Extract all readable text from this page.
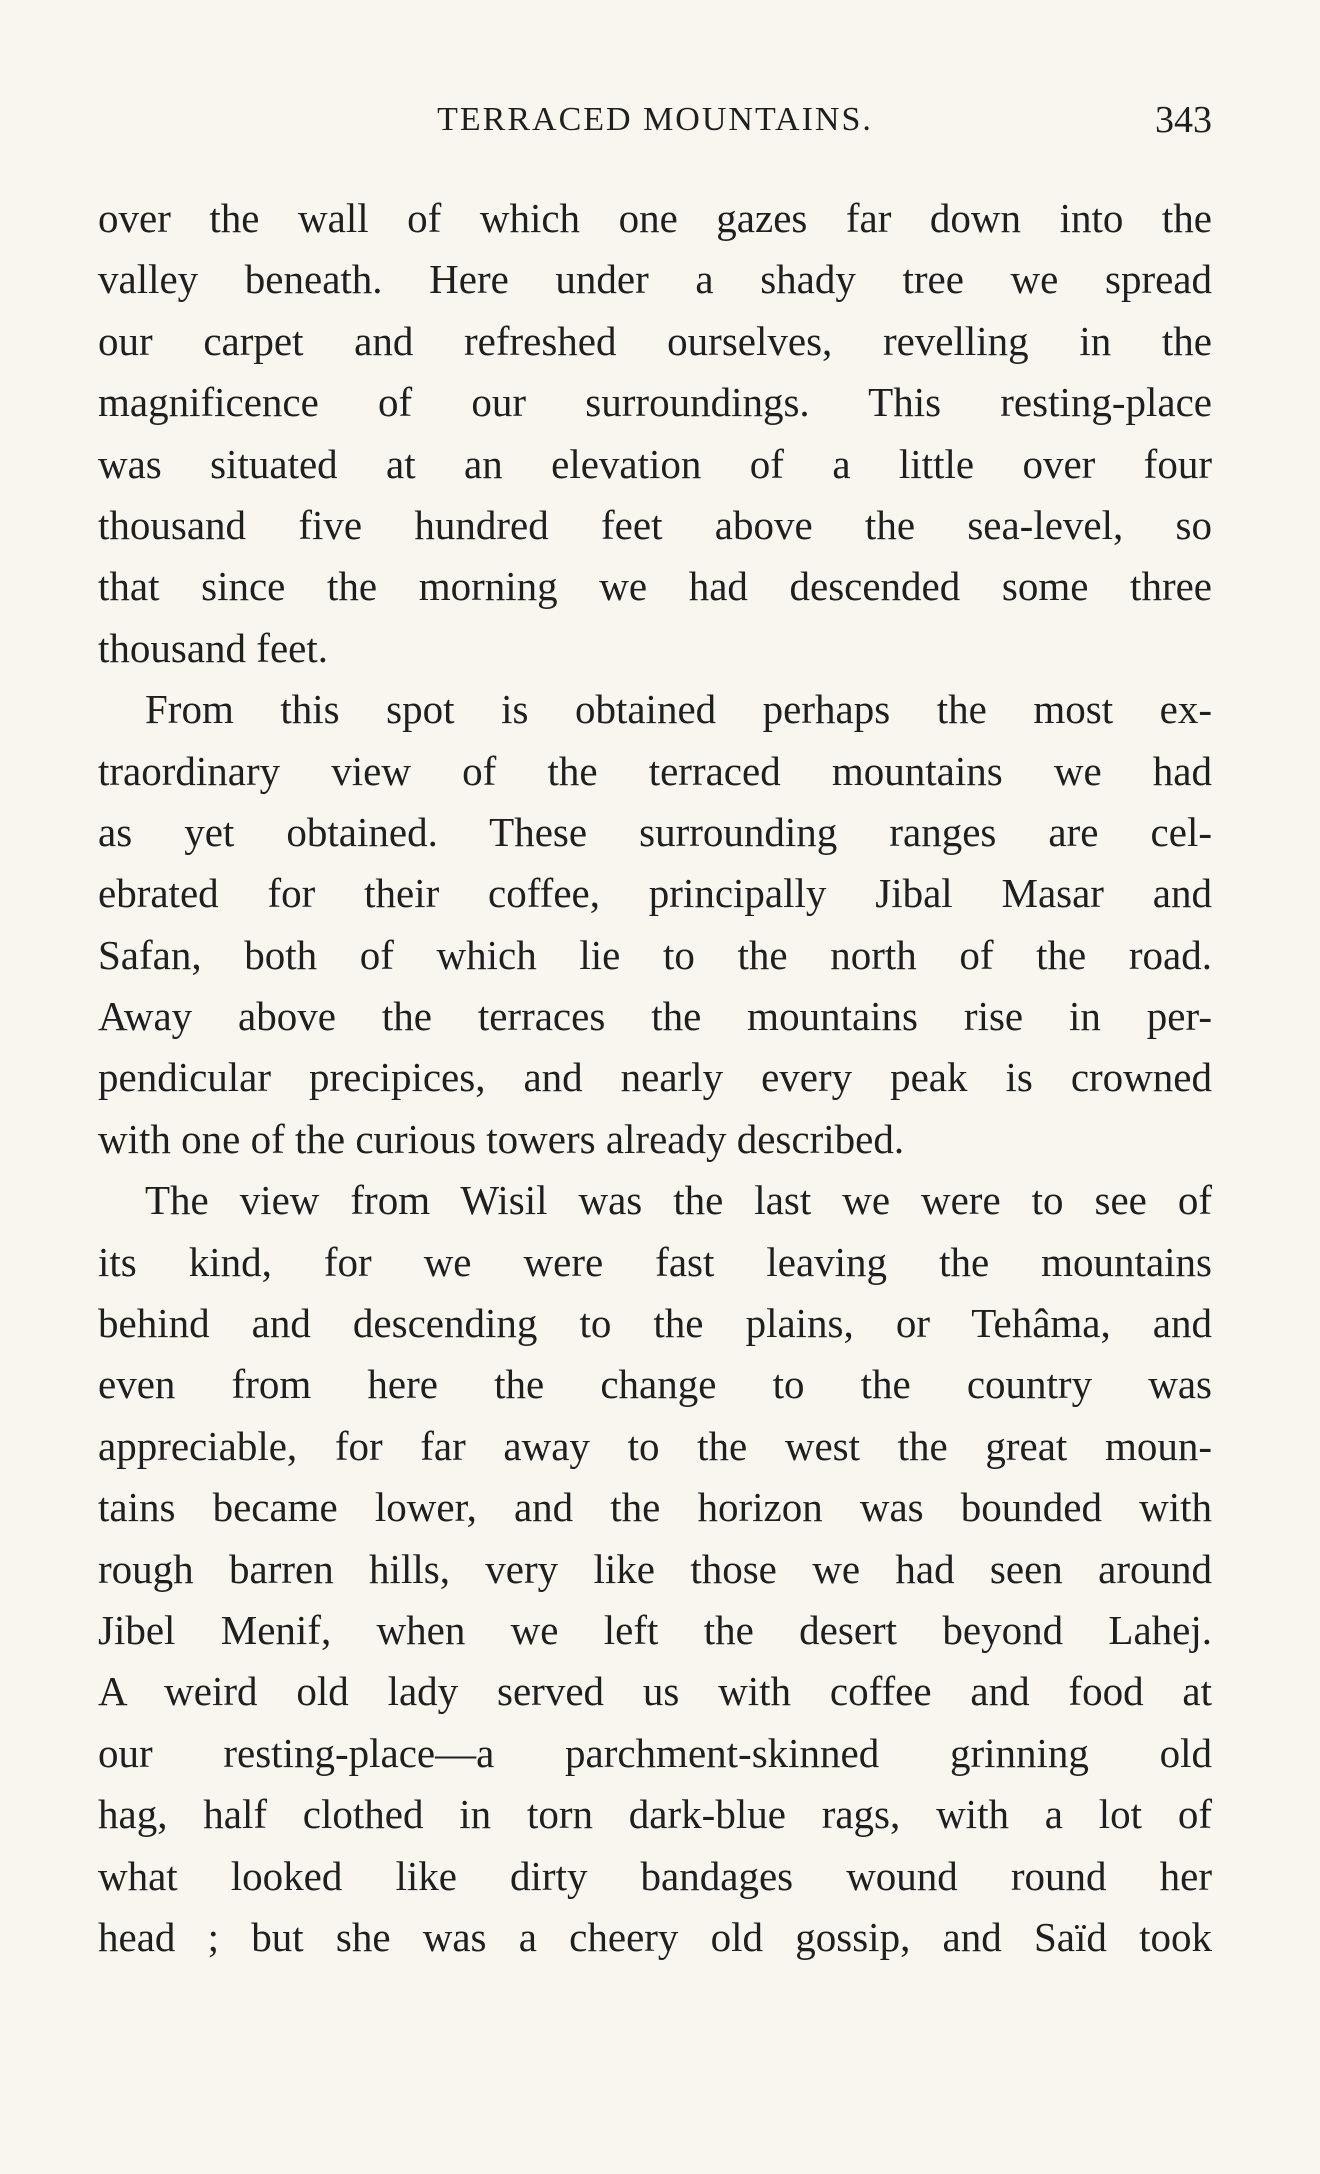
TERRACED MOUNTAINS.	343
over the wall of which one gazes far down into the
valley beneath. Here under a shady tree we spread
our carpet and refreshed ourselves, revelling in the
magnificence of our surroundings. This resting-place
was situated at an elevation of a little over four
thousand five hundred feet above the sea-level, so
that since the morning we had descended some three
thousand feet.
From this spot is obtained perhaps the most ex-
traordinary view of the terraced mountains we had
as yet obtained. These surrounding ranges are cel-
ebrated for their coffee, principally Jibal Masar and
Safan, both of which lie to the north of the road.
Away above the terraces the mountains rise in per-
pendicular precipices, and nearly every peak is crowned
with one of the curious towers already described.
The view from Wisil was the last we were to see of
its kind, for we were fast leaving the mountains
behind and descending to the plains, or Tehâma, and
even from here the change to the country was
appreciable, for far away to the west the great moun-
tains became lower, and the horizon was bounded with
rough barren hills, very like those we had seen around
Jibel Menif, when we left the desert beyond Lahej.
A weird old lady served us with coffee and food at
our resting-place—a parchment-skinned grinning old
hag, half clothed in torn dark-blue rags, with a lot of
what looked like dirty bandages wound round her
head ; but she was a cheery old gossip, and Saïd took
